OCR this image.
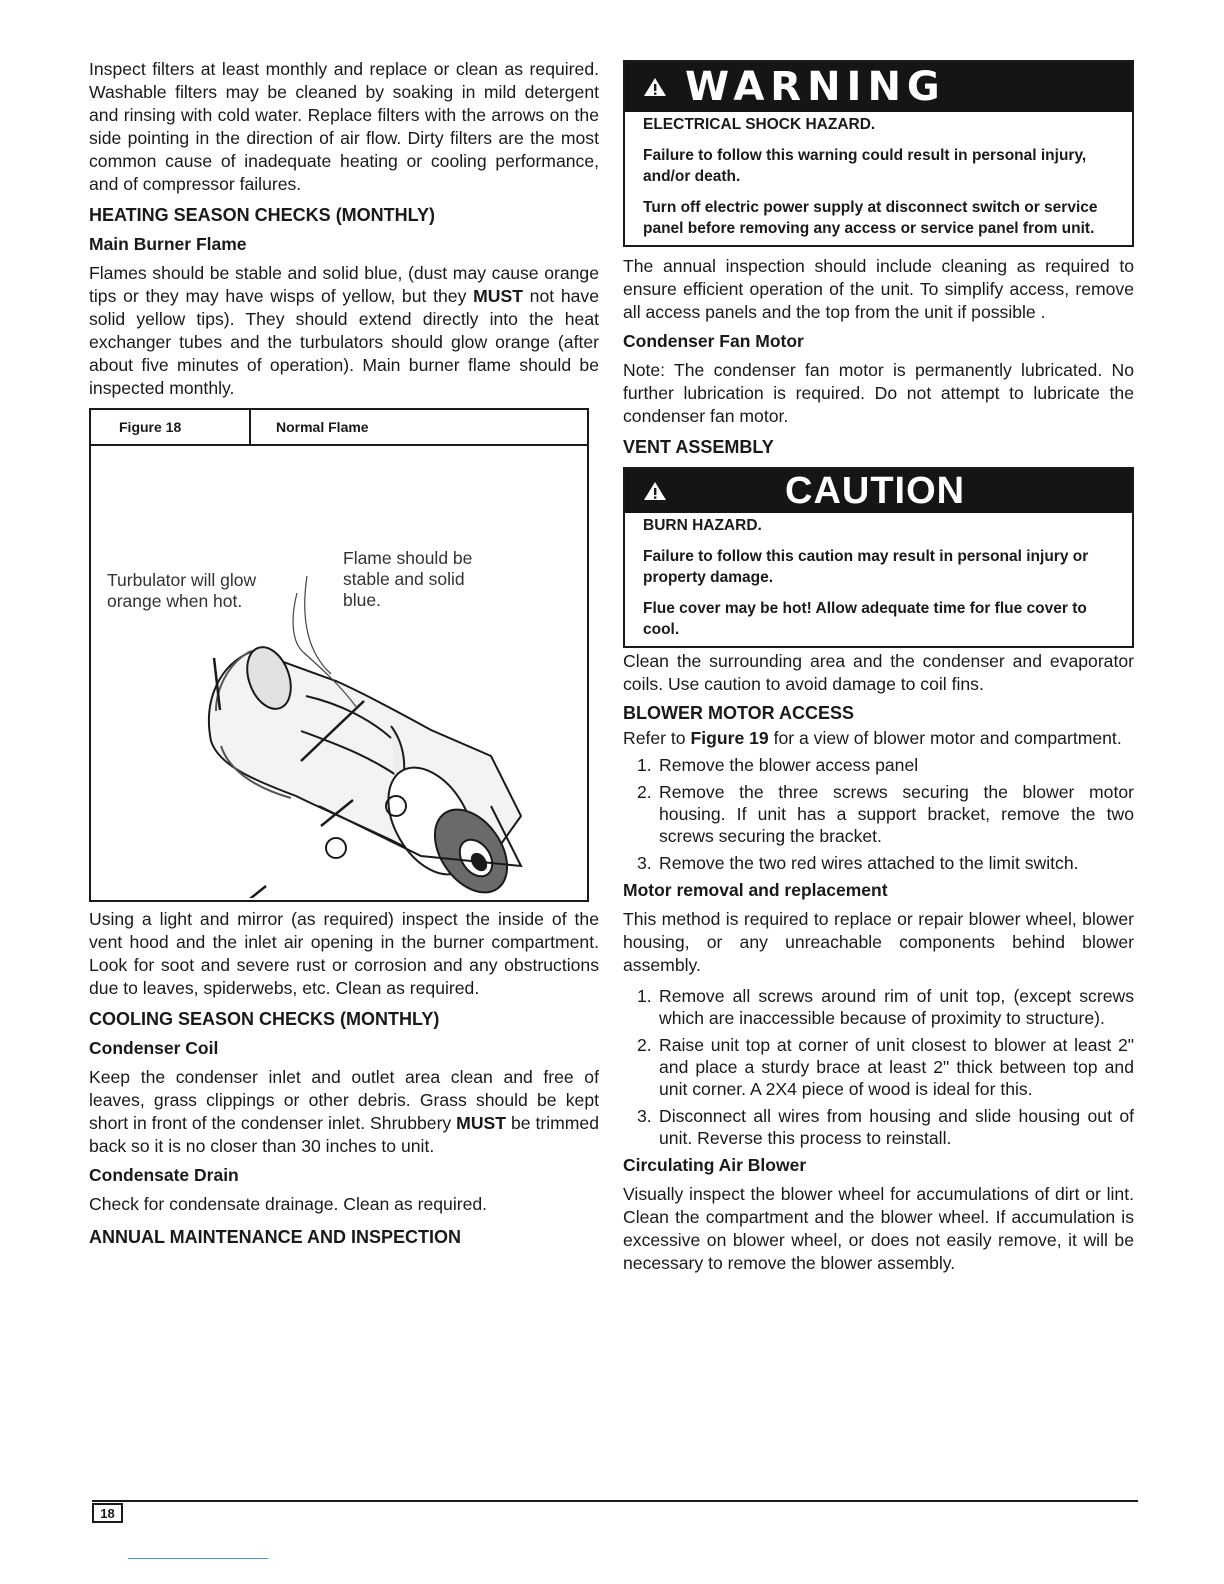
Inspect filters at least monthly and replace or clean as required. Washable filters may be cleaned by soaking in mild detergent and rinsing with cold water. Replace filters with the arrows on the side pointing in the direction of air flow. Dirty filters are the most common cause of inadequate heating or cooling performance, and of compressor failures.

HEATING SEASON CHECKS (MONTHLY)
Main Burner Flame

Flames should be stable and solid blue, (dust may cause orange tips or they may have wisps of yellow, but they MUST not have solid yellow tips). They should extend directly into the heat exchanger tubes and the turbulators should glow orange (after about five minutes of operation). Main burner flame should be inspected monthly.

Figure 18	Normal Flame
Turbulator will glow
orange when hot.
Flame should be
stable and solid
blue.

Using a light and mirror (as required) inspect the inside of the vent hood and the inlet air opening in the burner compartment. Look for soot and severe rust or corrosion and any obstructions due to leaves, spiderwebs, etc. Clean as required.

COOLING SEASON CHECKS (MONTHLY)
Condenser Coil

Keep the condenser inlet and outlet area clean and free of leaves, grass clippings or other debris. Grass should be kept short in front of the condenser inlet. Shrubbery MUST be trimmed back so it is no closer than 30 inches to unit.

Condensate Drain

Check for condensate drainage. Clean as required.

ANNUAL MAINTENANCE AND INSPECTION
WARNING

ELECTRICAL SHOCK HAZARD.

Failure to follow this warning could result in personal injury, and/or death.

Turn off electric power supply at disconnect switch or service panel before removing any access or service panel from unit.

The annual inspection should include cleaning as required to ensure efficient operation of the unit. To simplify access, remove all access panels and the top from the unit if possible .

Condenser Fan Motor

Note: The condenser fan motor is permanently lubricated. No further lubrication is required. Do not attempt to lubricate the condenser fan motor.

VENT ASSEMBLY
CAUTION

BURN HAZARD.

Failure to follow this caution may result in personal injury or property damage.

Flue cover may be hot! Allow adequate time for flue cover to cool.

Clean the surrounding area and the condenser and evaporator coils. Use caution to avoid damage to coil fins.

BLOWER MOTOR ACCESS

Refer to Figure 19 for a view of blower motor and compartment.

1. Remove the blower access panel
2. Remove the three screws securing the blower motor housing. If unit has a support bracket, remove the two screws securing the bracket.
3. Remove the two red wires attached to the limit switch.
Motor removal and replacement

This method is required to replace or repair blower wheel, blower housing, or any unreachable components behind blower assembly.

1. Remove all screws around rim of unit top, (except screws which are inaccessible because of proximity to structure).
2. Raise unit top at corner of unit closest to blower at least 2" and place a sturdy brace at least 2" thick between top and unit corner. A 2X4 piece of wood is ideal for this.
3. Disconnect all wires from housing and slide housing out of unit. Reverse this process to reinstall.
Circulating Air Blower

Visually inspect the blower wheel for accumulations of dirt or lint. Clean the compartment and the blower wheel. If accumulation is excessive on blower wheel, or does not easily remove, it will be necessary to remove the blower assembly.

18
